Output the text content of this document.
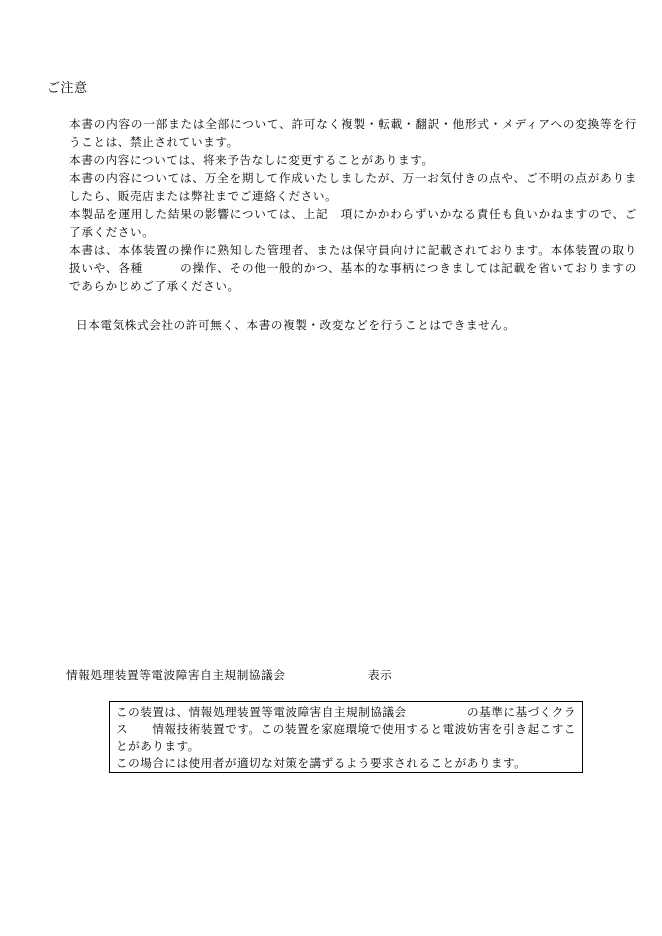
ご注意

本書の内容の一部または全部について、許可なく複製・転載・翻訳・他形式・メディアへの変換等を行うことは、禁止されています。

本書の内容については、将来予告なしに変更することがあります。

本書の内容については、万全を期して作成いたしましたが、万一お気付きの点や、ご不明の点がありましたら、販売店または弊社までご連絡ください。

本製品を運用した結果の影響については、上記　項にかかわらずいかなる責任も負いかねますので、ご了承ください。

本書は、本体装置の操作に熟知した管理者、または保守員向けに記載されております。本体装置の取り扱いや、各種　　　の操作、その他一般的かつ、基本的な事柄につきましては記載を省いておりますのであらかじめご了承ください。

日本電気株式会社の許可無く、本書の複製・改変などを行うことはできません。
情報処理装置等電波障害自主規制協議会	表示

この装置は、情報処理装置等電波障害自主規制協議会　　　　　の基準に基づくクラス　　情報技術装置です。この装置を家庭環境で使用すると電波妨害を引き起こすことがあります。

この場合には使用者が適切な対策を講ずるよう要求されることがあります。
